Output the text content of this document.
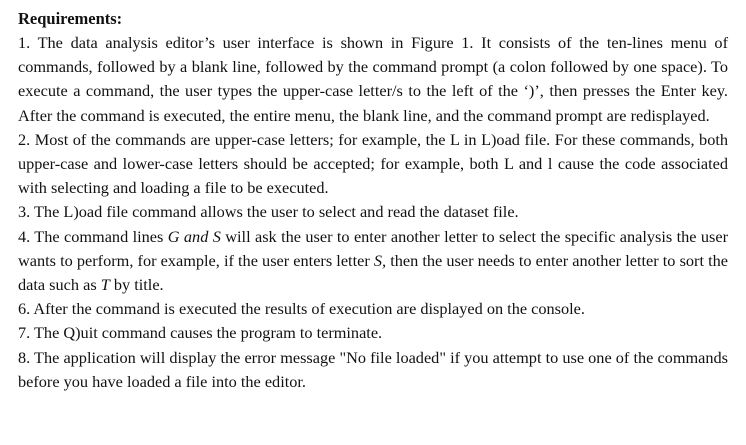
Requirements:

1. The data analysis editor’s user interface is shown in Figure 1. It consists of the ten-lines menu of commands, followed by a blank line, followed by the command prompt (a colon followed by one space). To execute a command, the user types the upper-case letter/s to the left of the ‘)’, then presses the Enter key. After the command is executed, the entire menu, the blank line, and the command prompt are redisplayed.

2. Most of the commands are upper-case letters; for example, the L in L)oad file. For these commands, both upper-case and lower-case letters should be accepted; for example, both L and l cause the code associated with selecting and loading a file to be executed.

3. The L)oad file command allows the user to select and read the dataset file.

4. The command lines G and S will ask the user to enter another letter to select the specific analysis the user wants to perform, for example, if the user enters letter S, then the user needs to enter another letter to sort the data such as T by title.

6. After the command is executed the results of execution are displayed on the console.

7. The Q)uit command causes the program to terminate.

8. The application will display the error message "No file loaded" if you attempt to use one of the commands before you have loaded a file into the editor.
